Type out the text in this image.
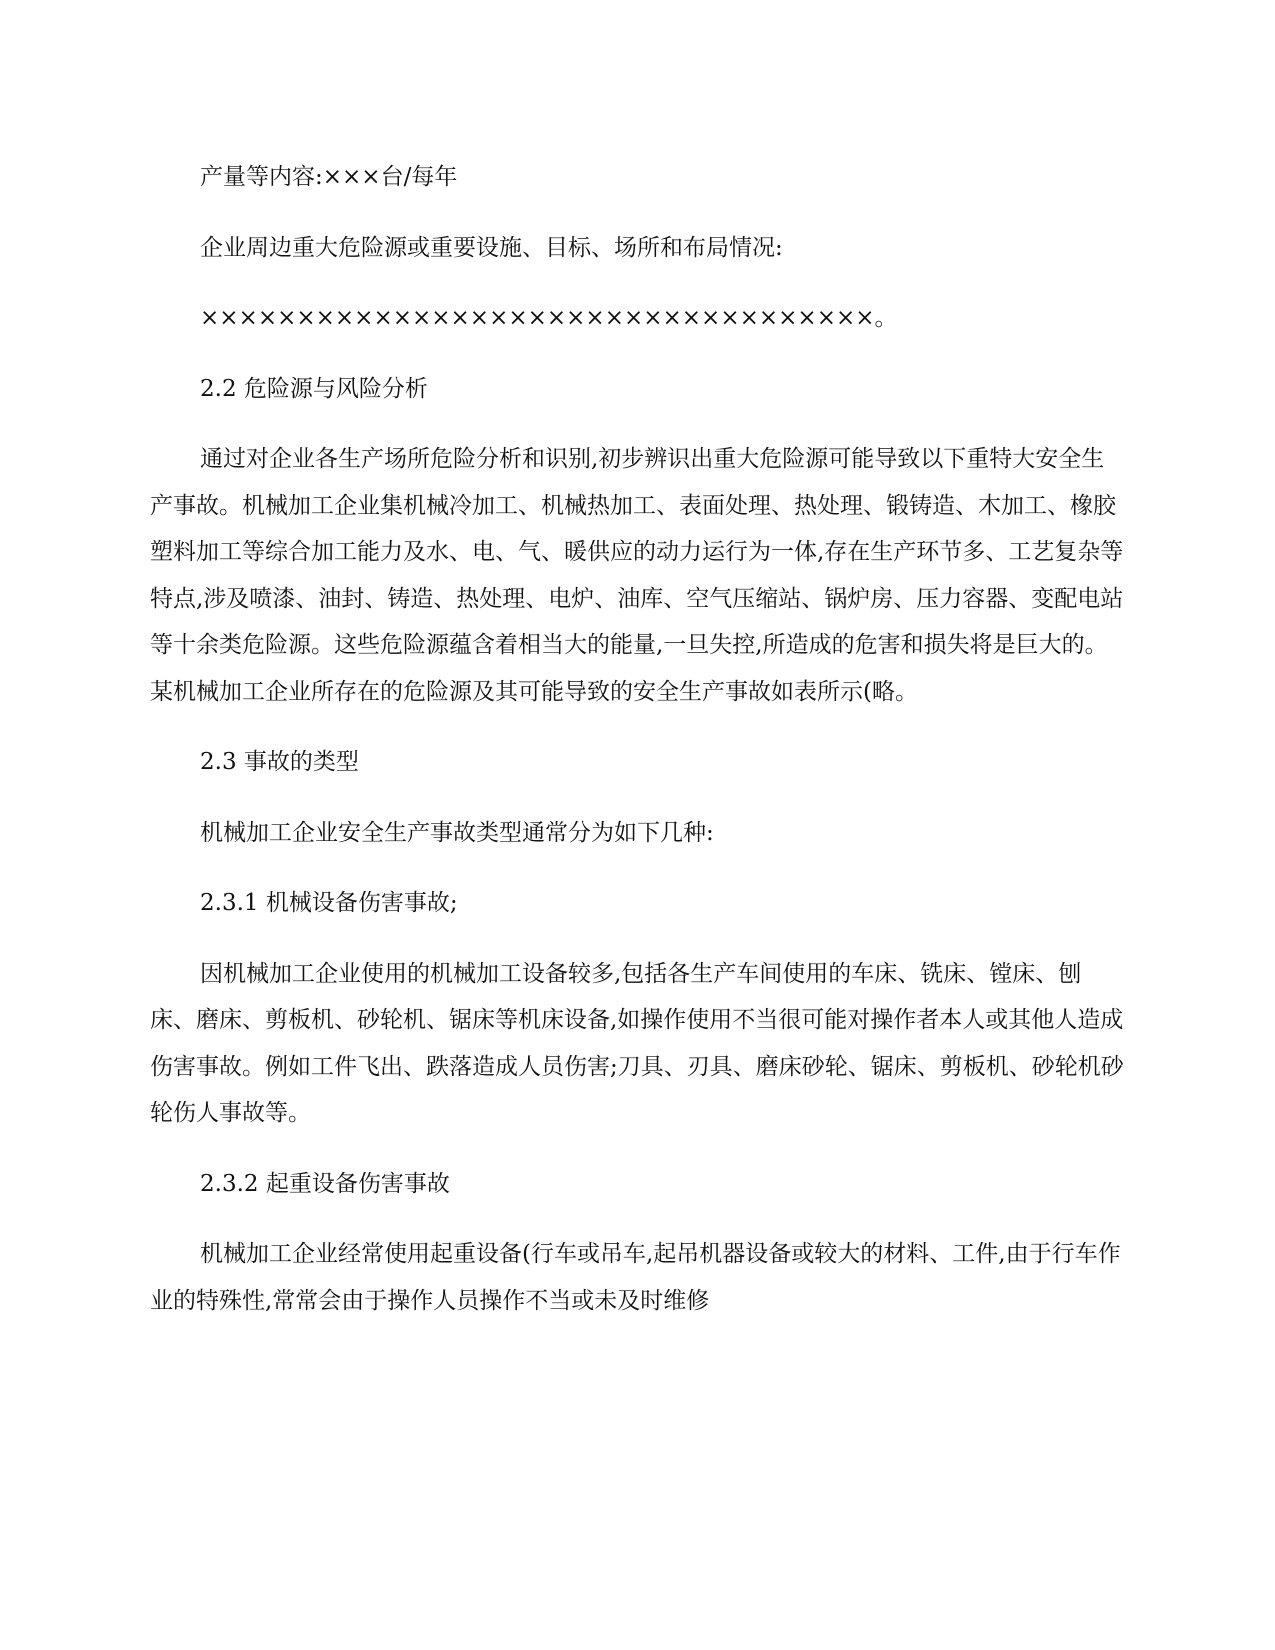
产量等内容:×××台/每年

企业周边重大危险源或重要设施、目标、场所和布局情况:

×××××××××××××××××××××××××××××××××××。

2.2 危险源与风险分析

通过对企业各生产场所危险分析和识别,初步辨识出重大危险源可能导致以下重特大安全生产事故。机械加工企业集机械冷加工、机械热加工、表面处理、热处理、锻铸造、木加工、橡胶塑料加工等综合加工能力及水、电、气、暖供应的动力运行为一体,存在生产环节多、工艺复杂等特点,涉及喷漆、油封、铸造、热处理、电炉、油库、空气压缩站、锅炉房、压力容器、变配电站等十余类危险源。这些危险源蕴含着相当大的能量,一旦失控,所造成的危害和损失将是巨大的。某机械加工企业所存在的危险源及其可能导致的安全生产事故如表所示(略。

2.3 事故的类型

机械加工企业安全生产事故类型通常分为如下几种:

2.3.1 机械设备伤害事故;

因机械加工企业使用的机械加工设备较多,包括各生产车间使用的车床、铣床、镗床、刨床、磨床、剪板机、砂轮机、锯床等机床设备,如操作使用不当很可能对操作者本人或其他人造成伤害事故。例如工件飞出、跌落造成人员伤害;刀具、刃具、磨床砂轮、锯床、剪板机、砂轮机砂轮伤人事故等。

2.3.2 起重设备伤害事故

机械加工企业经常使用起重设备(行车或吊车,起吊机器设备或较大的材料、工件,由于行车作业的特殊性,常常会由于操作人员操作不当或未及时维修
